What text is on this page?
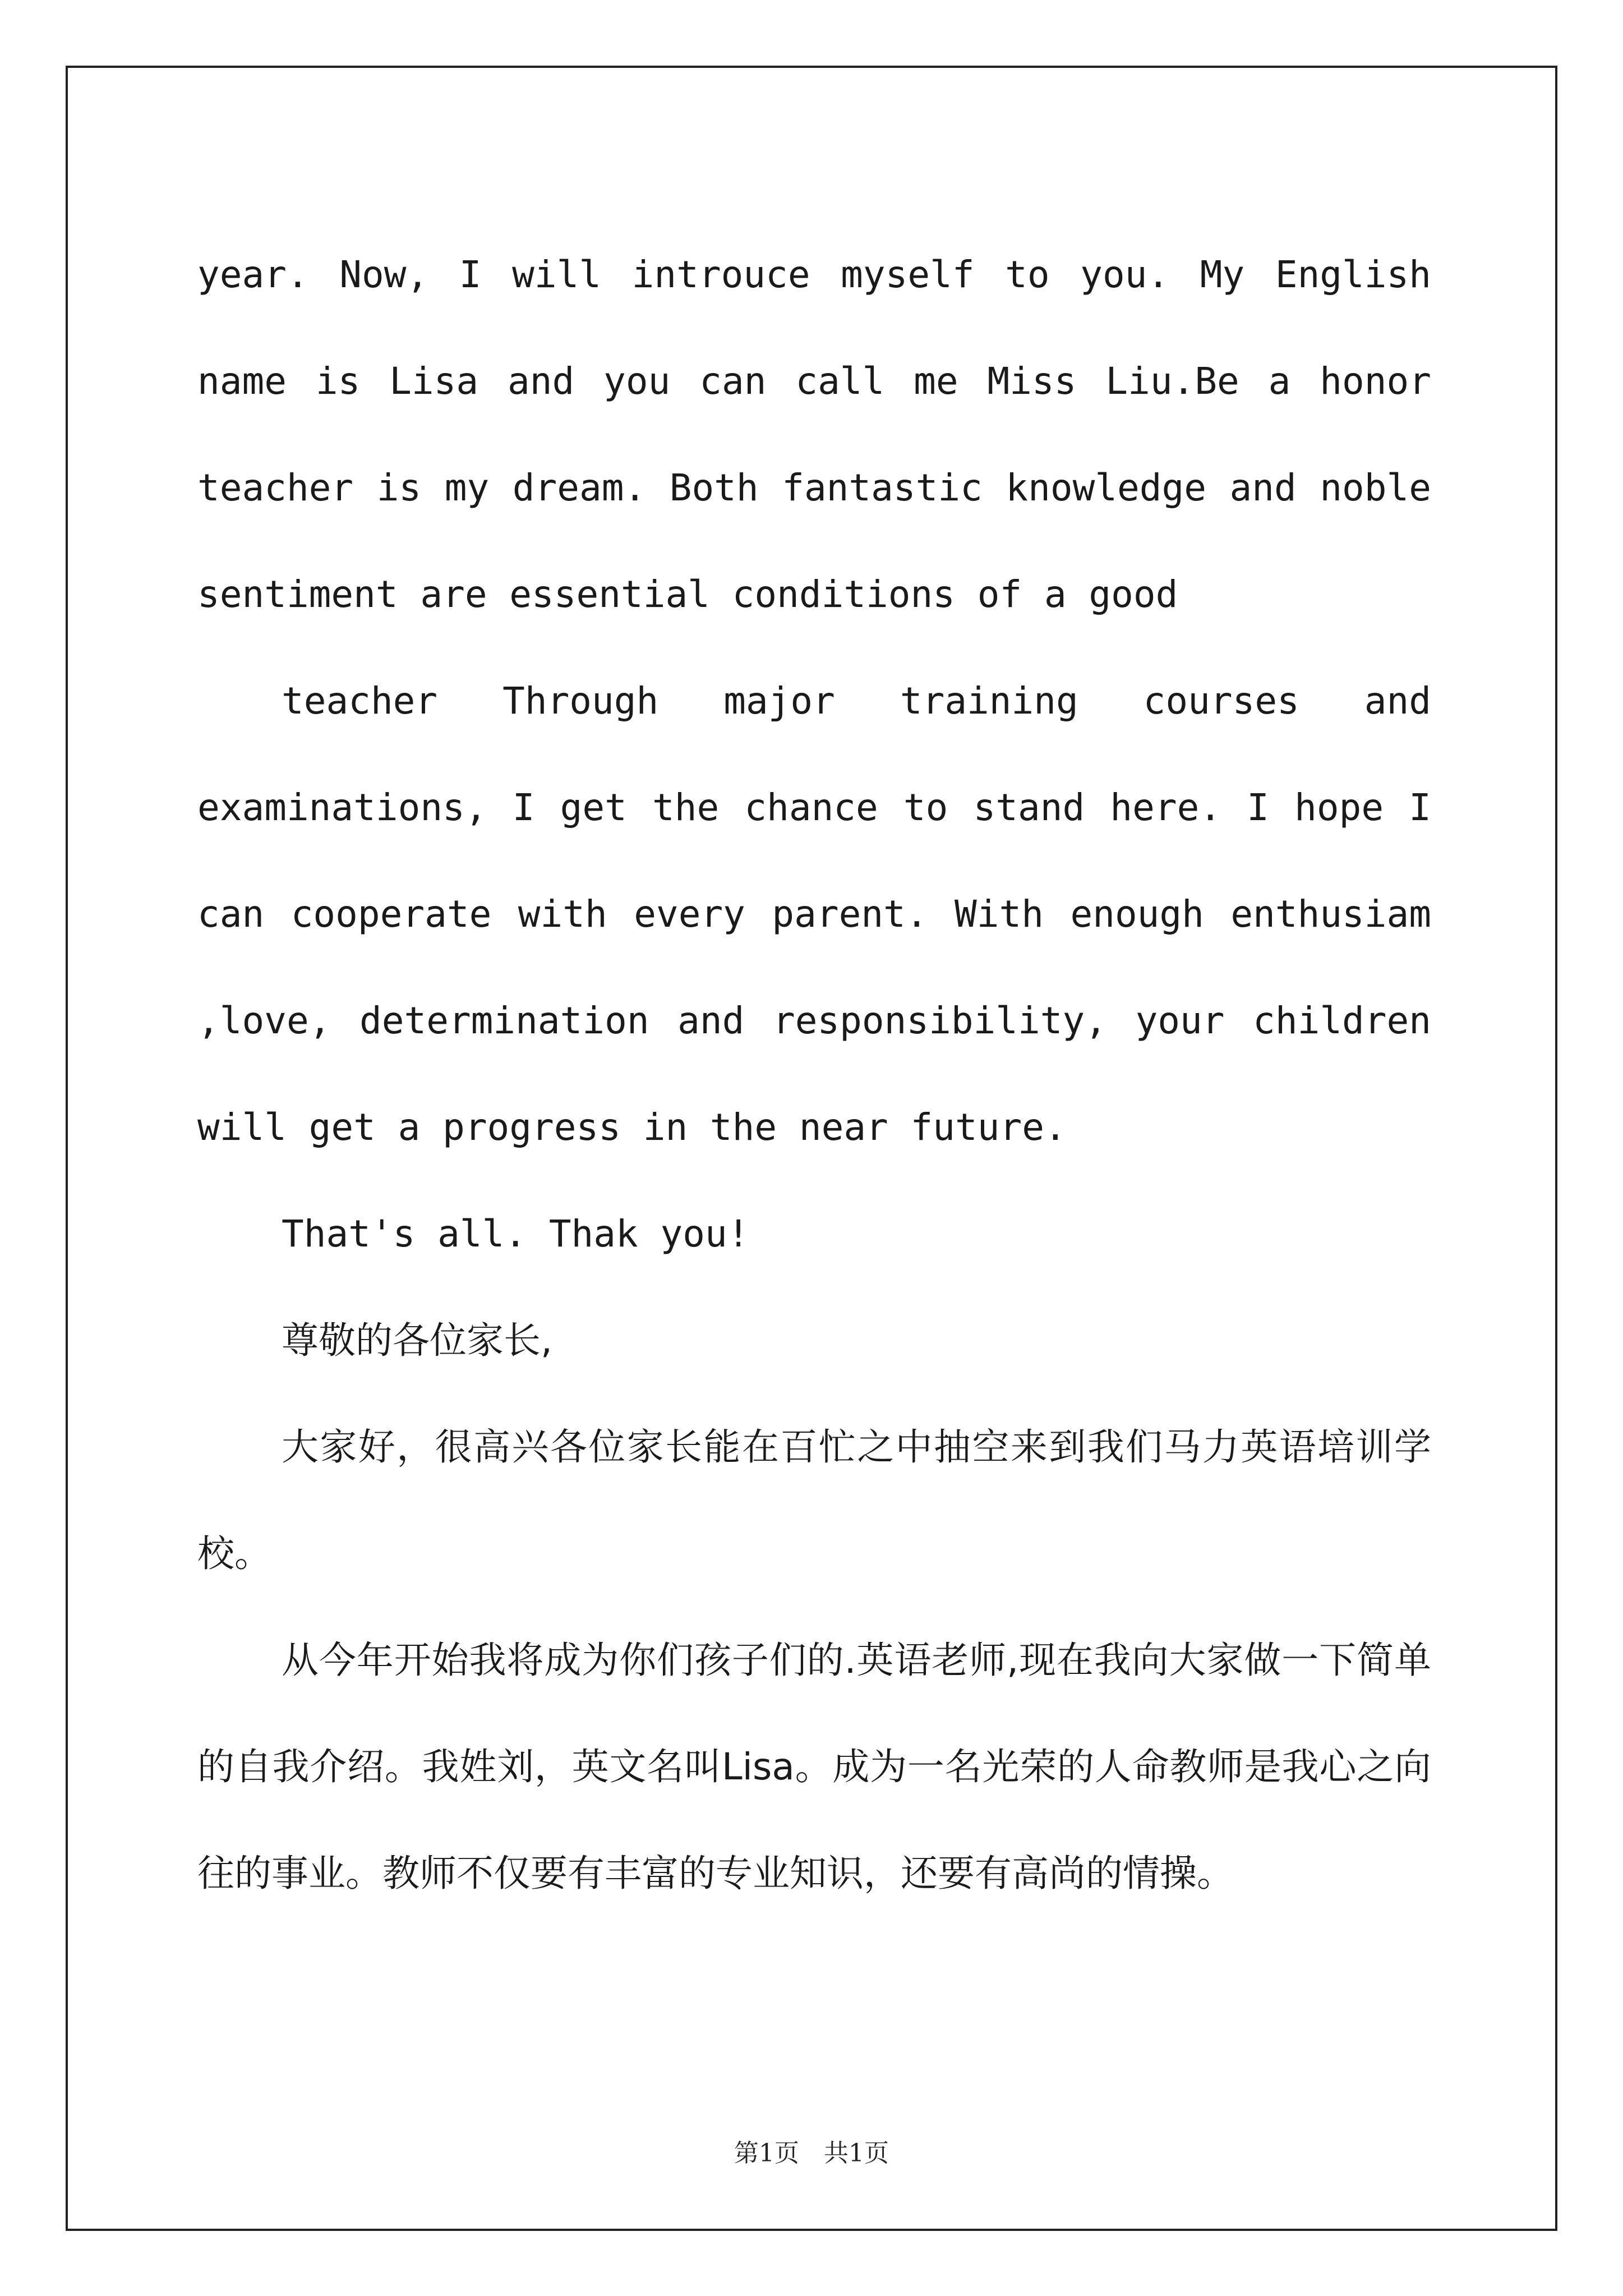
year. Now, I will introuce myself to you. My English name is Lisa and you can call me Miss Liu.Be a honor teacher is my dream. Both fantastic knowledge and noble sentiment are essential conditions of a good

teacher Through major training courses and examinations, I get the chance to stand here. I hope I can cooperate with every parent. With enough enthusiam ,love, determination and responsibility, your children will get a progress in the near future.

That's all. Thak you!

尊敬的各位家长,

大家好，很高兴各位家长能在百忙之中抽空来到我们马力英语培训学校。

从今年开始我将成为你们孩子们的.英语老师,现在我向大家做一下简单的自我介绍。我姓刘，英文名叫Lisa。成为一名光荣的人命教师是我心之向往的事业。教师不仅要有丰富的专业知识，还要有高尚的情操。

第1页　共1页
